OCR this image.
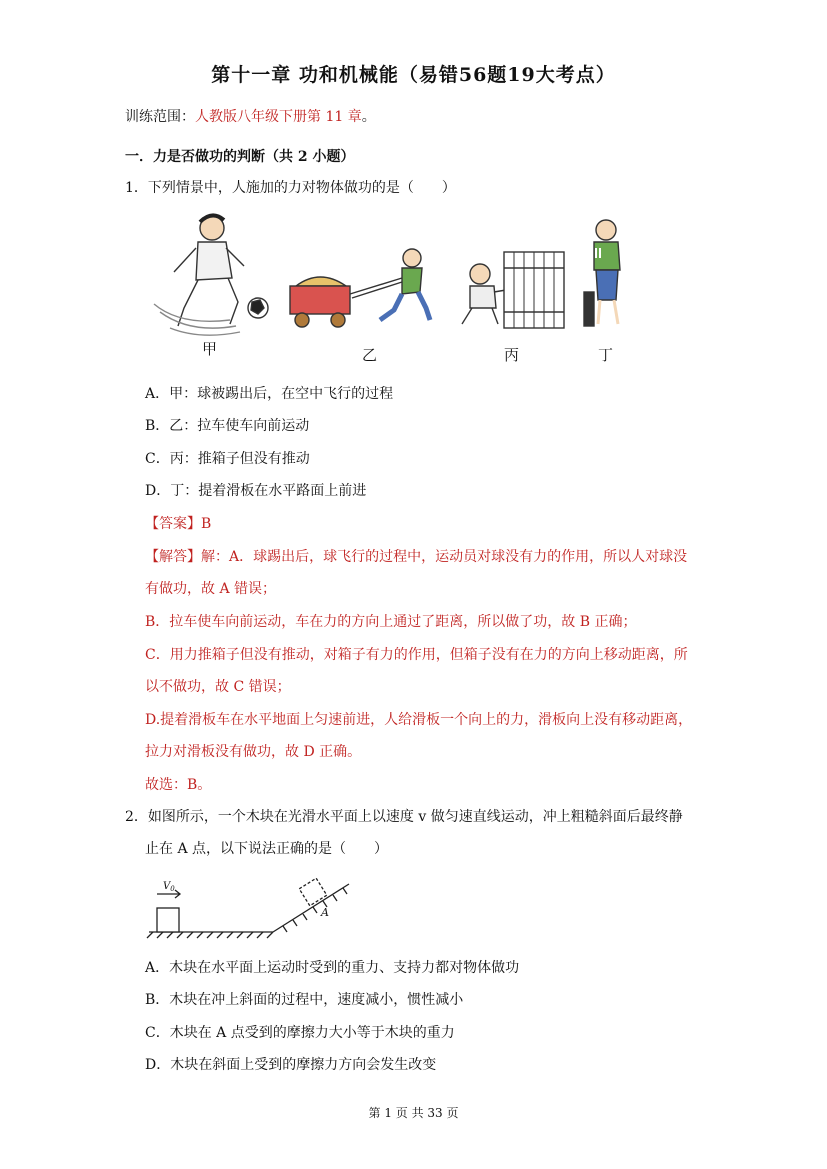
第十一章 功和机械能（易错56题19大考点）
训练范围：人教版八年级下册第 11 章。
一．力是否做功的判断（共 2 小题）
1．下列情景中，人施加的力对物体做功的是（　　）
甲	乙	丙	丁
A．甲：球被踢出后，在空中飞行的过程
B．乙：拉车使车向前运动
C．丙：推箱子但没有推动
D．丁：提着滑板在水平路面上前进
【答案】B
【解答】解：A．球踢出后，球飞行的过程中，运动员对球没有力的作用，所以人对球没
有做功，故 A 错误；
B．拉车使车向前运动，车在力的方向上通过了距离，所以做了功，故 B 正确；
C．用力推箱子但没有推动，对箱子有力的作用，但箱子没有在力的方向上移动距离，所
以不做功，故 C 错误；
D.提着滑板车在水平地面上匀速前进，人给滑板一个向上的力，滑板向上没有移动距离，
拉力对滑板没有做功，故 D 正确。
故选：B。
2．如图所示，一个木块在光滑水平面上以速度 v 做匀速直线运动，冲上粗糙斜面后最终静
止在 A 点，以下说法正确的是（　　）
$V_0$
A
A．木块在水平面上运动时受到的重力、支持力都对物体做功
B．木块在冲上斜面的过程中，速度减小，惯性减小
C．木块在 A 点受到的摩擦力大小等于木块的重力
D．木块在斜面上受到的摩擦力方向会发生改变
第 1 页 共 33 页
